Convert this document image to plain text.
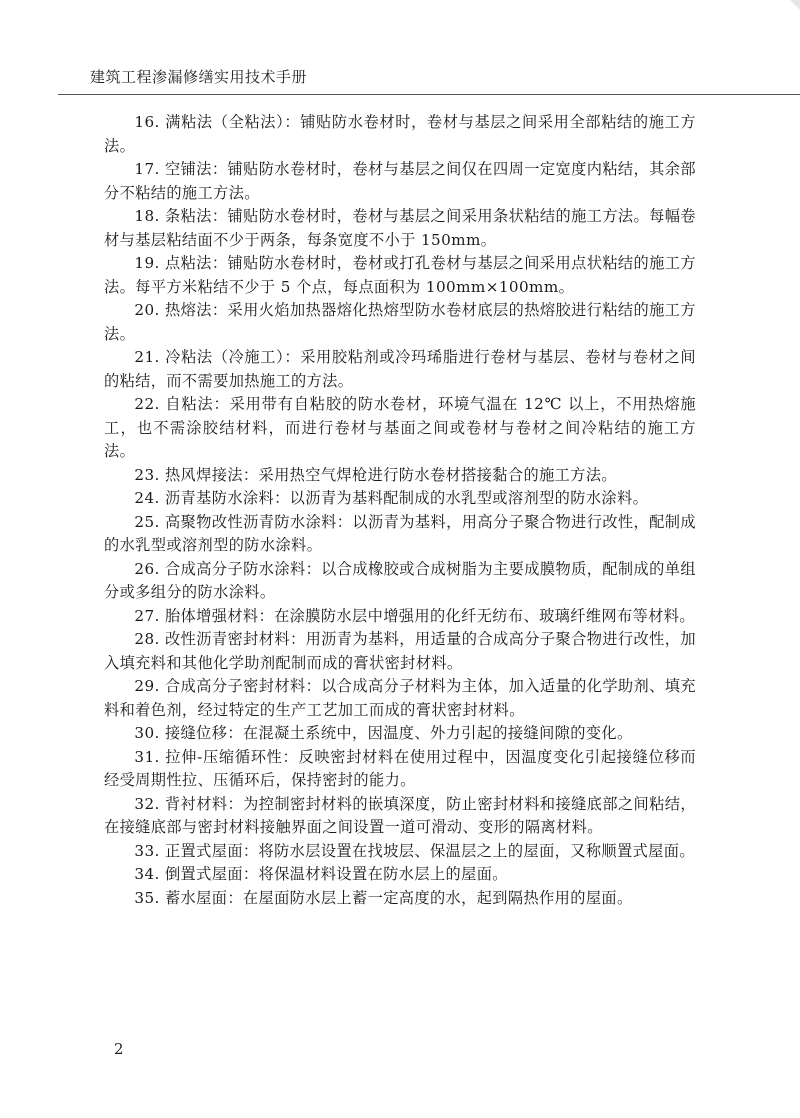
建筑工程渗漏修缮实用技术手册

16. 满粘法（全粘法）：铺贴防水卷材时，卷材与基层之间采用全部粘结的施工方法。

17. 空铺法：铺贴防水卷材时，卷材与基层之间仅在四周一定宽度内粘结，其余部分不粘结的施工方法。

18. 条粘法：铺贴防水卷材时，卷材与基层之间采用条状粘结的施工方法。每幅卷材与基层粘结面不少于两条，每条宽度不小于 150mm。

19. 点粘法：铺贴防水卷材时，卷材或打孔卷材与基层之间采用点状粘结的施工方法。每平方米粘结不少于 5 个点，每点面积为 100mm×100mm。

20. 热熔法：采用火焰加热器熔化热熔型防水卷材底层的热熔胶进行粘结的施工方法。

21. 冷粘法（冷施工）：采用胶粘剂或冷玛琋脂进行卷材与基层、卷材与卷材之间的粘结，而不需要加热施工的方法。

22. 自粘法：采用带有自粘胶的防水卷材，环境气温在 12℃ 以上，不用热熔施工，也不需涂胶结材料，而进行卷材与基面之间或卷材与卷材之间冷粘结的施工方法。

23. 热风焊接法：采用热空气焊枪进行防水卷材搭接黏合的施工方法。

24. 沥青基防水涂料：以沥青为基料配制成的水乳型或溶剂型的防水涂料。

25. 高聚物改性沥青防水涂料：以沥青为基料，用高分子聚合物进行改性，配制成的水乳型或溶剂型的防水涂料。

26. 合成高分子防水涂料：以合成橡胶或合成树脂为主要成膜物质，配制成的单组分或多组分的防水涂料。

27. 胎体增强材料：在涂膜防水层中增强用的化纤无纺布、玻璃纤维网布等材料。

28. 改性沥青密封材料：用沥青为基料，用适量的合成高分子聚合物进行改性，加入填充料和其他化学助剂配制而成的膏状密封材料。

29. 合成高分子密封材料：以合成高分子材料为主体，加入适量的化学助剂、填充料和着色剂，经过特定的生产工艺加工而成的膏状密封材料。

30. 接缝位移：在混凝土系统中，因温度、外力引起的接缝间隙的变化。

31. 拉伸-压缩循环性：反映密封材料在使用过程中，因温度变化引起接缝位移而经受周期性拉、压循环后，保持密封的能力。

32. 背衬材料：为控制密封材料的嵌填深度，防止密封材料和接缝底部之间粘结，在接缝底部与密封材料接触界面之间设置一道可滑动、变形的隔离材料。

33. 正置式屋面：将防水层设置在找坡层、保温层之上的屋面，又称顺置式屋面。

34. 倒置式屋面：将保温材料设置在防水层上的屋面。

35. 蓄水屋面：在屋面防水层上蓄一定高度的水，起到隔热作用的屋面。

2
